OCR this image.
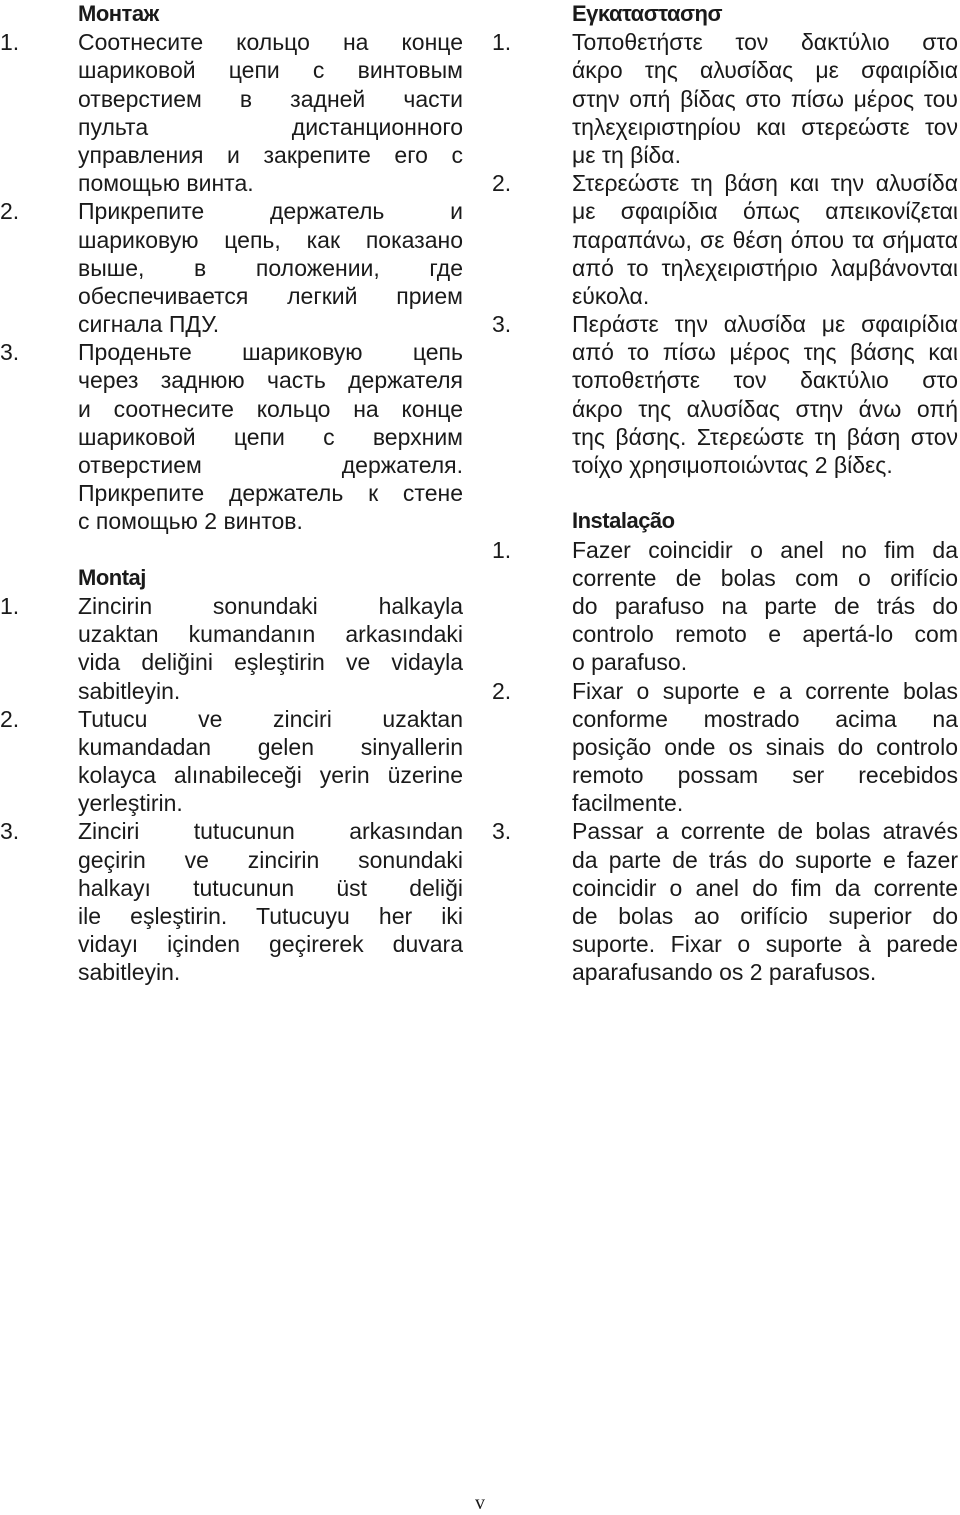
Монтаж
1.	Соотнесите кольцо на конце
шариковой цепи с винтовым
отверстием в задней части
пульта дистанционного
управления и закрепите его с
помощью винта.
2.	Прикрепите держатель и
шариковую цепь, как показано
выше, в положении, где
обеспечивается легкий прием
сигнала ПДУ.
3.	Проденьте шариковую цепь
через заднюю часть держателя
и соотнесите кольцо на конце
шариковой цепи с верхним
отверстием держателя.
Прикрепите держатель к стене
с помощью 2 винтов.
Montaj
1.	Zincirin sonundaki halkayla
uzaktan kumandanın arkasındaki
vida deliğini eşleştirin ve vidayla
sabitleyin.
2.	Tutucu ve zinciri uzaktan
kumandadan gelen sinyallerin
kolayca alınabileceği yerin üzerine
yerleştirin.
3.	Zinciri tutucunun arkasından
geçirin ve zincirin sonundaki
halkayı tutucunun üst deliği
ile eşleştirin. Tutucuyu her iki
vidayı içinden geçirerek duvara
sabitleyin.
Εγκαταστασησ
1.	Τοποθετήστε τον δακτύλιο στο
άκρο της αλυσίδας με σφαιρίδια
στην οπή βίδας στο πίσω μέρος του
τηλεχειριστηρίου και στερεώστε τον
με τη βίδα.
2.	Στερεώστε τη βάση και την αλυσίδα
με σφαιρίδια όπως απεικονίζεται
παραπάνω, σε θέση όπου τα σήματα
από το τηλεχειριστήριο λαμβάνονται
εύκολα.
3.	Περάστε την αλυσίδα με σφαιρίδια
από το πίσω μέρος της βάσης και
τοποθετήστε τον δακτύλιο στο
άκρο της αλυσίδας στην άνω οπή
της βάσης. Στερεώστε τη βάση στον
τοίχο χρησιμοποιώντας 2 βίδες.
Instalação
1.	Fazer coincidir o anel no fim da
corrente de bolas com o orifício
do parafuso na parte de trás do
controlo remoto e apertá-lo com
o parafuso.
2.	Fixar o suporte e a corrente bolas
conforme mostrado acima na
posição onde os sinais do controlo
remoto possam ser recebidos
facilmente.
3.	Passar a corrente de bolas através
da parte de trás do suporte e fazer
coincidir o anel do fim da corrente
de bolas ao orifício superior do
suporte. Fixar o suporte à parede
aparafusando os 2 parafusos.
v
